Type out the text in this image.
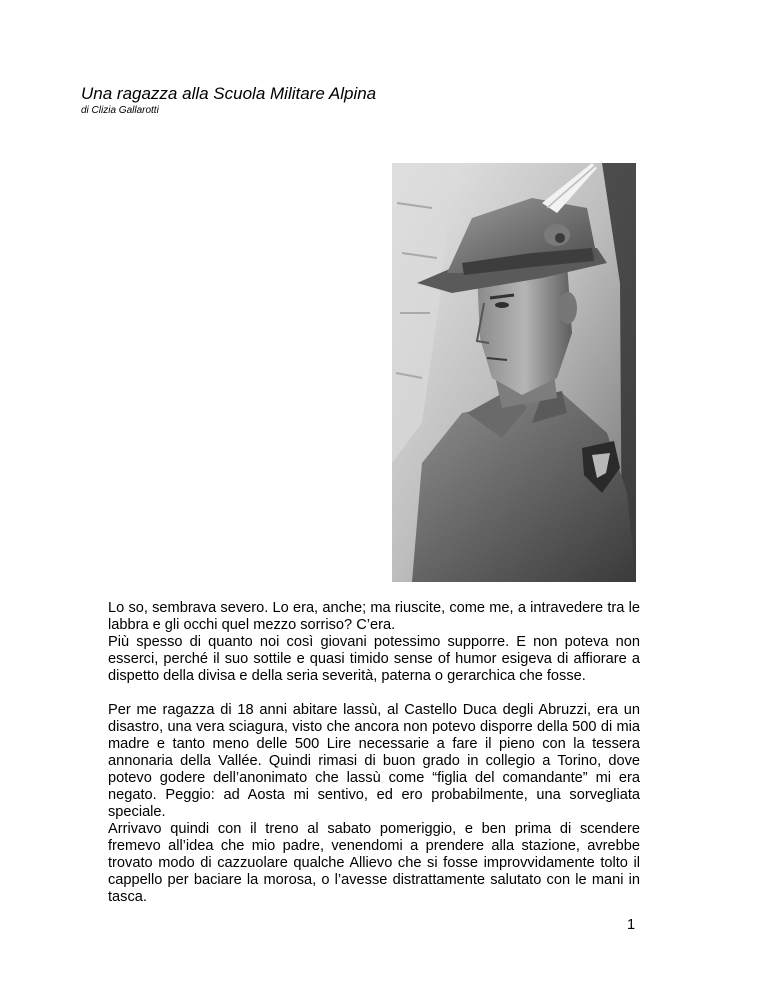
Una ragazza alla Scuola Militare Alpina
di Clizia Gallarotti

Lo so, sembrava severo. Lo era, anche; ma riuscite, come me, a intravedere tra le labbra e gli occhi quel mezzo sorriso? C’era.

Più spesso di quanto noi così giovani potessimo supporre. E non poteva non esserci, perché il suo sottile e quasi timido sense of humor esigeva di affiorare a dispetto della divisa e della seria severità, paterna o gerarchica che fosse.

Per me ragazza di 18 anni abitare lassù, al Castello Duca degli Abruzzi, era un disastro, una vera sciagura, visto che ancora non potevo disporre della 500 di mia madre e tanto meno delle 500 Lire necessarie a fare il pieno con la tessera annonaria della Vallée. Quindi rimasi di buon grado in collegio a Torino, dove potevo godere dell’anonimato che lassù come “figlia del comandante” mi era negato. Peggio: ad Aosta mi sentivo, ed ero probabilmente, una sorvegliata speciale.

Arrivavo quindi con il treno al sabato pomeriggio, e ben prima di scendere fremevo all’idea che mio padre, venendomi a prendere alla stazione, avrebbe trovato modo di cazzuolare qualche Allievo che si fosse improvvidamente tolto il cappello per baciare la morosa, o l’avesse distrattamente salutato con le mani in tasca.

1
